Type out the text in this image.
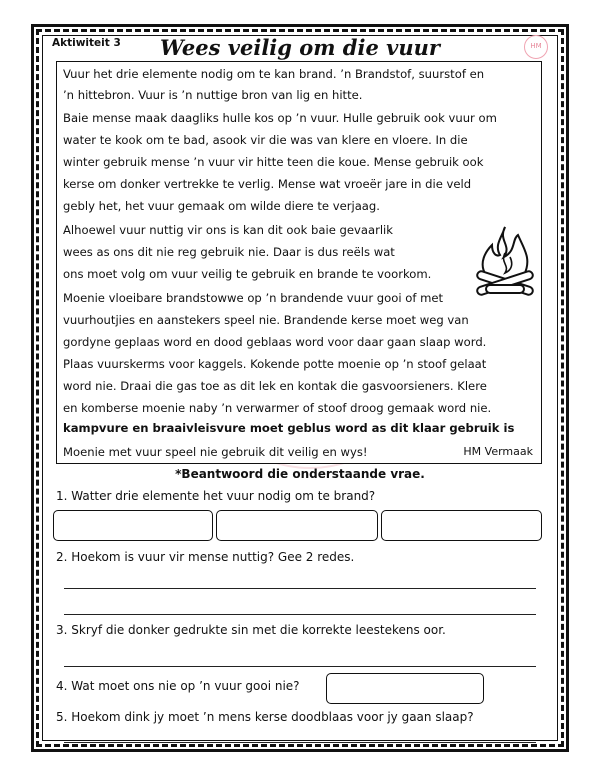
Aktiwiteit 3	Wees veilig om die vuur	HM
Vuur het drie elemente nodig om te kan brand. ’n Brandstof, suurstof en
’n hittebron. Vuur is ’n nuttige bron van lig en hitte.
Baie mense maak daagliks hulle kos op ’n vuur. Hulle gebruik ook vuur om
water te kook om te bad, asook vir die was van klere en vloere. In die
winter gebruik mense ’n vuur vir hitte teen die koue. Mense gebruik ook
kerse om donker vertrekke te verlig. Mense wat vroeër jare in die veld
gebly het, het vuur gemaak om wilde diere te verjaag.
Alhoewel vuur nuttig vir ons is kan dit ook baie gevaarlik
wees as ons dit nie reg gebruik nie. Daar is dus reëls wat
ons moet volg om vuur veilig te gebruik en brande te voorkom.
Moenie vloeibare brandstowwe op ’n brandende vuur gooi of met
vuurhoutjies en aanstekers speel nie. Brandende kerse moet weg van
gordyne geplaas word en dood geblaas word voor daar gaan slaap word.
Plaas vuurskerms voor kaggels. Kokende potte moenie op ’n stoof gelaat
word nie. Draai die gas toe as dit lek en kontak die gasvoorsieners. Klere
en komberse moenie naby ’n verwarmer of stoof droog gemaak word nie.
kampvure en braaivleisvure moet geblus word as dit klaar gebruik is
Moenie met vuur speel nie gebruik dit veilig en wys!	HM Vermaak
*Beantwoord die onderstaande vrae.
1. Watter drie elemente het vuur nodig om te brand?
2. Hoekom is vuur vir mense nuttig? Gee 2 redes.
3. Skryf die donker gedrukte sin met die korrekte leestekens oor.
4. Wat moet ons nie op ’n vuur gooi nie?
5. Hoekom dink jy moet ’n mens kerse doodblaas voor jy gaan slaap?
